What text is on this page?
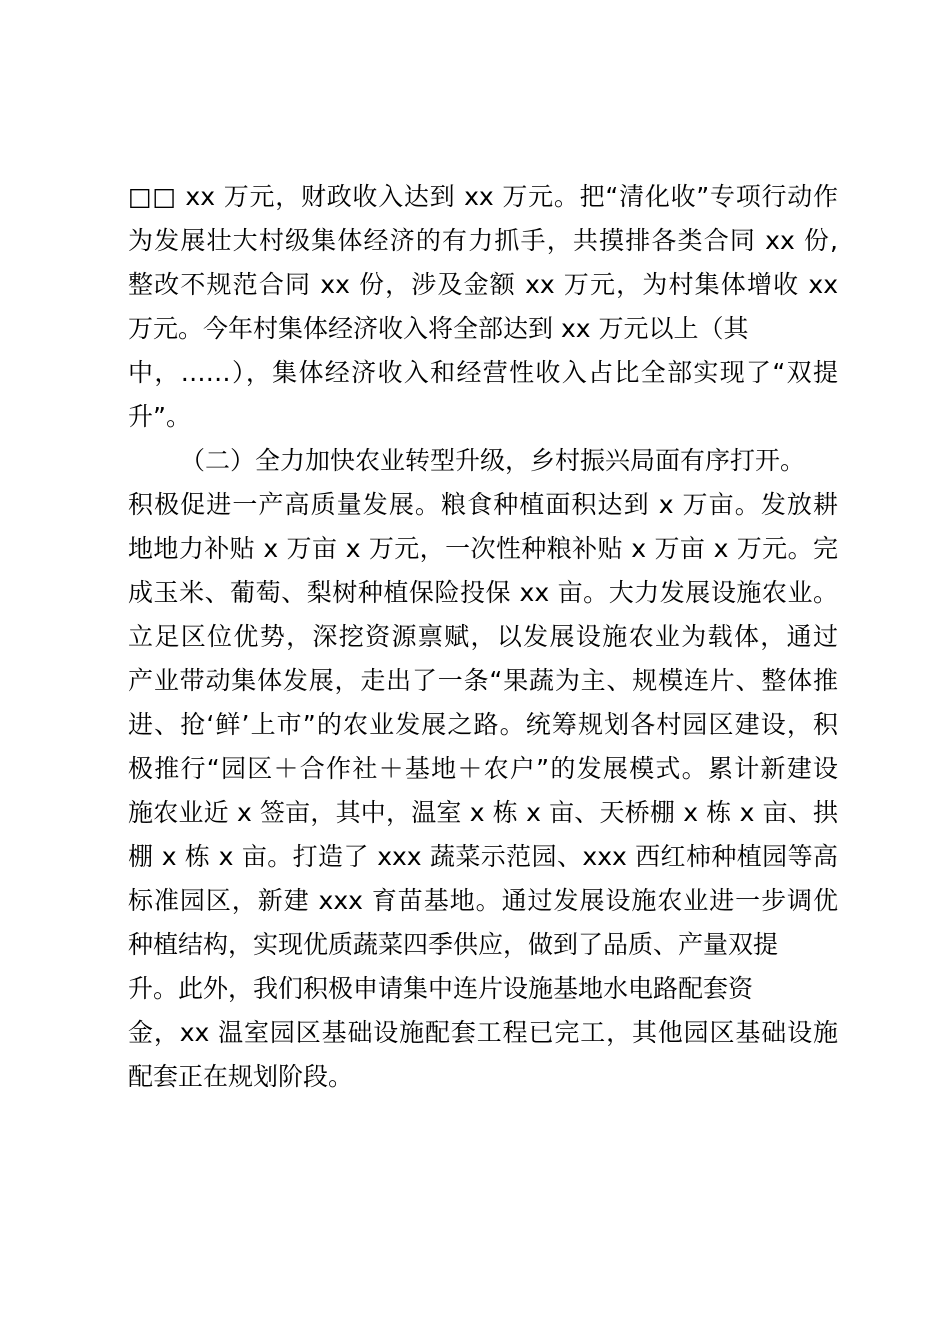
□□ xx 万元，财政收入达到 xx 万元。把“清化收”专项行动作
为发展壮大村级集体经济的有力抓手，共摸排各类合同 xx 份,
整改不规范合同 xx 份，涉及金额 xx 万元，为村集体增收 xx
万元。今年村集体经济收入将全部达到 xx 万元以上（其
中，……），集体经济收入和经营性收入占比全部实现了“双提
升”。
（二）全力加快农业转型升级，乡村振兴局面有序打开。
积极促进一产高质量发展。粮食种植面积达到 x 万亩。发放耕
地地力补贴 x 万亩 x 万元，一次性种粮补贴 x 万亩 x 万元。完
成玉米、葡萄、梨树种植保险投保 xx 亩。大力发展设施农业。
立足区位优势，深挖资源禀赋，以发展设施农业为载体，通过
产业带动集体发展，走出了一条“果蔬为主、规模连片、整体推
进、抢‘鲜’上市”的农业发展之路。统筹规划各村园区建设，积
极推行“园区＋合作社＋基地＋农户”的发展模式。累计新建设
施农业近 x 签亩，其中，温室 x 栋 x 亩、天桥棚 x 栋 x 亩、拱
棚 x 栋 x 亩。打造了 xxx 蔬菜示范园、xxx 西红柿种植园等高
标准园区，新建 xxx 育苗基地。通过发展设施农业进一步调优
种植结构，实现优质蔬菜四季供应，做到了品质、产量双提
升。此外，我们积极申请集中连片设施基地水电路配套资
金，xx 温室园区基础设施配套工程已完工，其他园区基础设施
配套正在规划阶段。
